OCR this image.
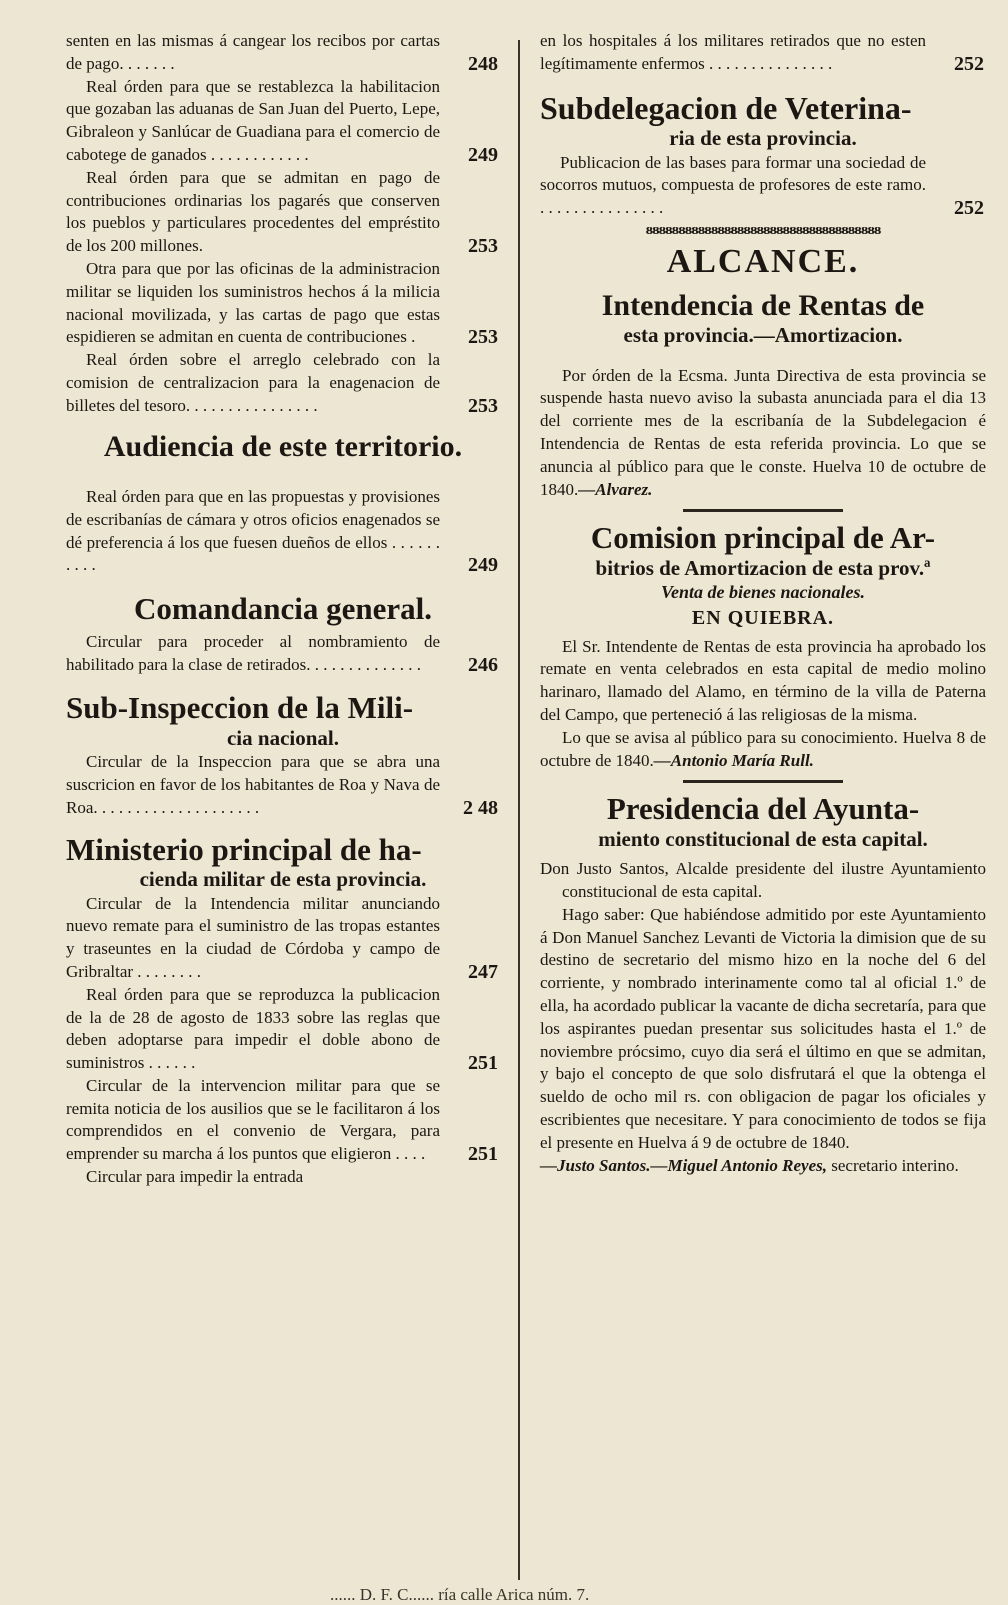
senten en las mismas á cangear los recibos por cartas de pago. . . . . . .	248

Real órden para que se restablezca la habilitacion que gozaban las aduanas de San Juan del Puerto, Lepe, Gibraleon y Sanlúcar de Guadiana para el comercio de cabotege de ganados . . . . . . . . . . . .	249

Real órden para que se admitan en pago de contribuciones ordinarias los pagarés que conserven los pueblos y particulares procedentes del empréstito de los 200 millones.	253

Otra para que por las oficinas de la administracion militar se liquiden los suministros hechos á la milicia nacional movilizada, y las cartas de pago que estas espidieren se admitan en cuenta de contribuciones .	253

Real órden sobre el arreglo celebrado con la comision de centralizacion para la enagenacion de billetes del tesoro. . . . . . . . . . . . . . . .	253
Audiencia de este territorio.

Real órden para que en las propuestas y provisiones de escribanías de cámara y otros oficios enagenados se dé preferencia á los que fuesen dueños de ellos . . . . . . . . . .	249
Comandancia general.

Circular para proceder al nombramiento de habilitado para la clase de retirados. . . . . . . . . . . . . .	246
Sub-Inspeccion de la Mili-

cia nacional.

Circular de la Inspeccion para que se abra una suscricion en favor de los habitantes de Roa y Nava de Roa. . . . . . . . . . . . . . . . . . . .	2 48
Ministerio principal de ha-

cienda militar de esta provincia.

Circular de la Intendencia militar anunciando nuevo remate para el suministro de las tropas estantes y traseuntes en la ciudad de Córdoba y campo de Gribraltar . . . . . . . .	247

Real órden para que se reproduzca la publicacion de la de 28 de agosto de 1833 sobre las reglas que deben adoptarse para impedir el doble abono de suministros . . . . . .	251

Circular de la intervencion militar para que se remita noticia de los ausilios que se le facilitaron á los comprendidos en el convenio de Vergara, para emprender su marcha á los puntos que eligieron . . . .	251

Circular para impedir la entrada

en los hospitales á los militares retirados que no esten legítimamente enfermos . . . . . . . . . . . . . . .	252
Subdelegacion de Veterina-

ria de esta provincia.

Publicacion de las bases para formar una sociedad de socorros mutuos, compuesta de profesores de este ramo. . . . . . . . . . . . . . . .	252
ᴕᴕᴕᴕᴕᴕᴕᴕᴕᴕᴕᴕᴕᴕᴕᴕᴕᴕᴕᴕᴕᴕᴕᴕᴕᴕᴕᴕᴕᴕᴕᴕᴕᴕᴕᴕ
ALCANCE.
Intendencia de Rentas de

esta provincia.—Amortizacion.

Por órden de la Ecsma. Junta Directiva de esta provincia se suspende hasta nuevo aviso la subasta anunciada para el dia 13 del corriente mes de la escribanía de la Subdelegacion é Intendencia de Rentas de esta referida provincia. Lo que se anuncia al público para que le conste. Huelva 10 de octubre de 1840.—Alvarez.

Comision principal de Ar-

bitrios de Amortizacion de esta prov.ª

Venta de bienes nacionales.

EN QUIEBRA.

El Sr. Intendente de Rentas de esta provincia ha aprobado los remate en venta celebrados en esta capital de medio molino harinaro, llamado del Alamo, en término de la villa de Paterna del Campo, que perteneció á las religiosas de la misma.

Lo que se avisa al público para su conocimiento. Huelva 8 de octubre de 1840.—Antonio María Rull.

Presidencia del Ayunta-

miento constitucional de esta capital.

Don Justo Santos, Alcalde presidente del ilustre Ayuntamiento constitucional de esta capital.

Hago saber: Que habiéndose admitido por este Ayuntamiento á Don Manuel Sanchez Levanti de Victoria la dimision que de su destino de secretario del mismo hizo en la noche del 6 del corriente, y nombrado interinamente como tal al oficial 1.º de ella, ha acordado publicar la vacante de dicha secretaría, para que los aspirantes puedan presentar sus solicitudes hasta el 1.º de noviembre prócsimo, cuyo dia será el último en que se admitan, y bajo el concepto de que solo disfrutará el que la obtenga el sueldo de ocho mil rs. con obligacion de pagar los oficiales y escribientes que necesitare. Y para conocimiento de todos se fija el presente en Huelva á 9 de octubre de 1840.

—Justo Santos.—Miguel Antonio Reyes, secretario interino.

...... D. F. C...... ría calle Arica núm. 7.
